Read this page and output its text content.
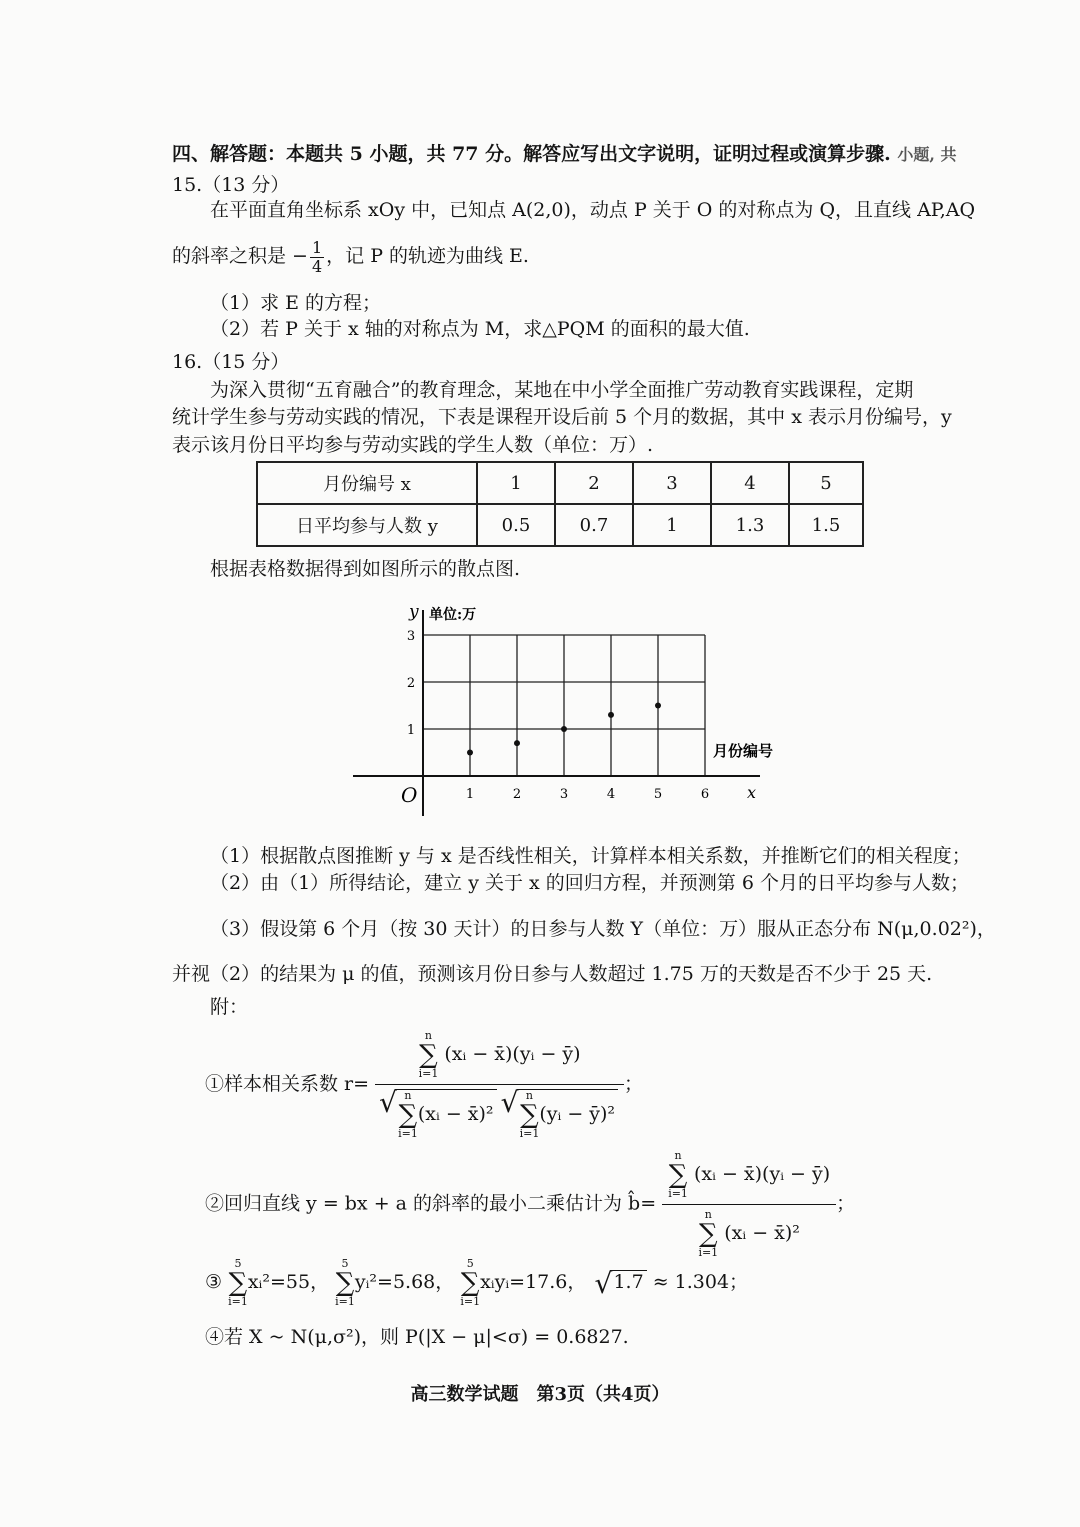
四、解答题：本题共 5 小题，共 77 分。解答应写出文字说明，证明过程或演算步骤. 小题, 共
15.（13 分）
在平面直角坐标系 xOy 中，已知点 A(2,0)，动点 P 关于 O 的对称点为 Q，且直线 AP,AQ
的斜率之积是 − $\frac{1}{4}$ ，记 P 的轨迹为曲线 E.
（1）求 E 的方程；
（2）若 P 关于 x 轴的对称点为 M，求△PQM 的面积的最大值.
16.（15 分）
为深入贯彻“五育融合”的教育理念，某地在中小学全面推广劳动教育实践课程，定期
统计学生参与劳动实践的情况，下表是课程开设后前 5 个月的数据，其中 x 表示月份编号，y
表示该月份日平均参与劳动实践的学生人数（单位：万）.
月份编号 x	1	2	3	4	5
日平均参与人数 y	0.5	0.7	1	1.3	1.5
根据表格数据得到如图所示的散点图.
1	2	3	4	5	6
1
2
3
y 单位:万
x
月份编号
O
（1）根据散点图推断 y 与 x 是否线性相关，计算样本相关系数，并推断它们的相关程度；
（2）由（1）所得结论，建立 y 关于 x 的回归方程，并预测第 6 个月的日平均参与人数；
（3）假设第 6 个月（按 30 天计）的日参与人数 Y（单位：万）服从正态分布 N(μ,0.02²)，
并视（2）的结果为 μ 的值，预测该月份日参与人数超过 1.75 万的天数是否不少于 25 天.
附：
①样本相关系数 r= n
∑
i=1 (xᵢ − x̄)(yᵢ − ȳ)
√ n
∑
i=1(xᵢ − x̄)² √ n
∑
i=1(yᵢ − ȳ)² ；
②回归直线 y = bx + a 的斜率的最小二乘估计为 b̂= n
∑
i=1 (xᵢ − x̄)(yᵢ − ȳ)
n
∑
i=1 (xᵢ − x̄)² ；
③ 5
∑
i=1xᵢ²=55， 5
∑
i=1yᵢ²=5.68， 5
∑
i=1xᵢyᵢ=17.6， √ 1.7 ≈ 1.304；
④若 X ~ N(μ,σ²)，则 P(|X − μ|<σ) = 0.6827.
高三数学试题　第3页（共4页）
